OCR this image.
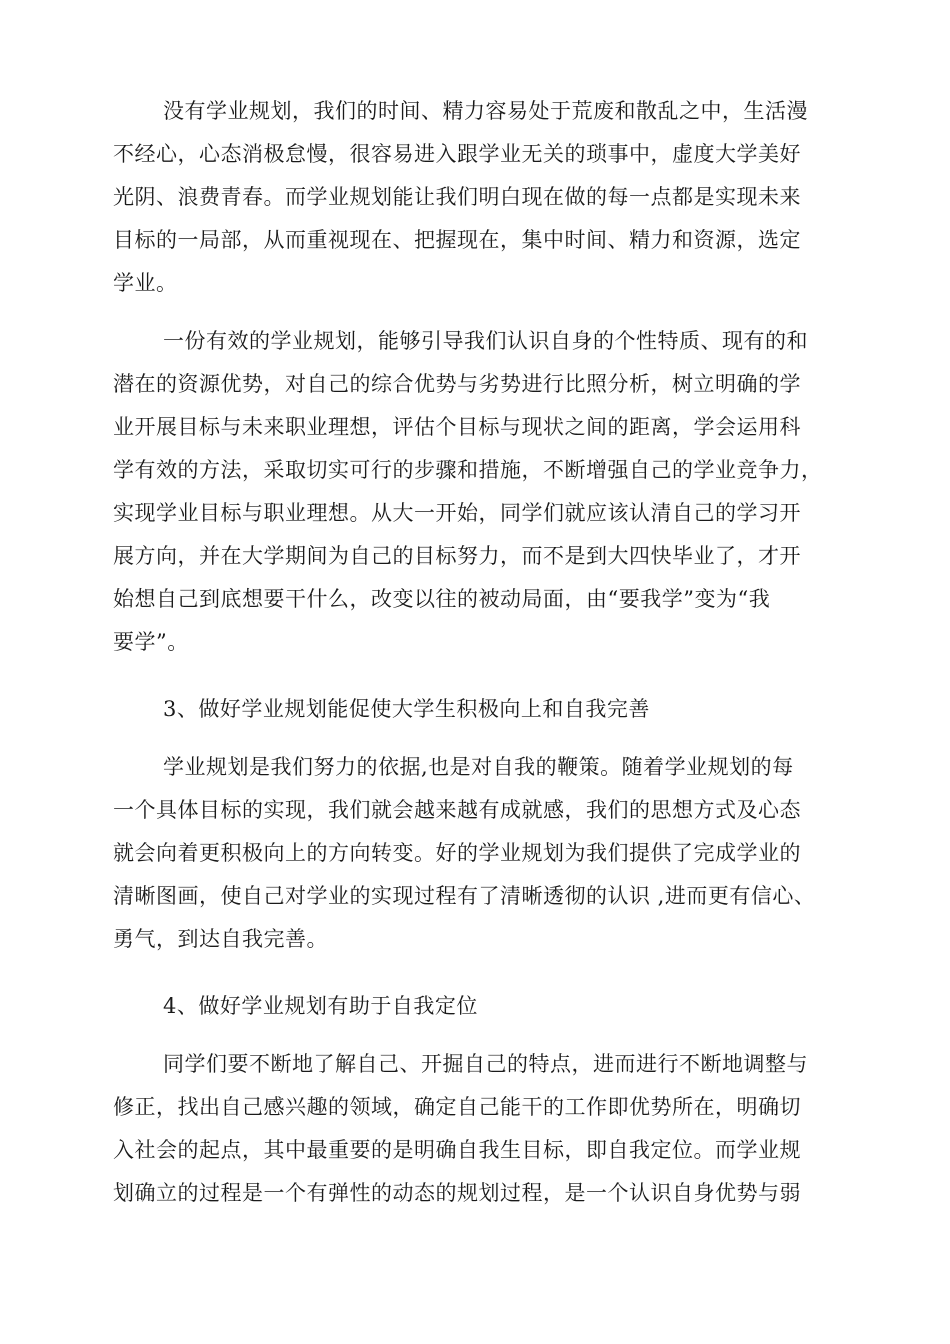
没有学业规划，我们的时间、精力容易处于荒废和散乱之中，生活漫
不经心，心态消极怠慢，很容易进入跟学业无关的琐事中，虚度大学美好
光阴、浪费青春。而学业规划能让我们明白现在做的每一点都是实现未来
目标的一局部，从而重视现在、把握现在，集中时间、精力和资源，选定
学业。
一份有效的学业规划，能够引导我们认识自身的个性特质、现有的和
潜在的资源优势，对自己的综合优势与劣势进行比照分析，树立明确的学
业开展目标与未来职业理想，评估个目标与现状之间的距离，学会运用科
学有效的方法，采取切实可行的步骤和措施，不断增强自己的学业竞争力，
实现学业目标与职业理想。从大一开始，同学们就应该认清自己的学习开
展方向，并在大学期间为自己的目标努力，而不是到大四快毕业了，才开
始想自己到底想要干什么，改变以往的被动局面，由“要我学”变为“我
要学”。
3、做好学业规划能促使大学生积极向上和自我完善
学业规划是我们努力的依据,也是对自我的鞭策。随着学业规划的每
一个具体目标的实现，我们就会越来越有成就感，我们的思想方式及心态
就会向着更积极向上的方向转变。好的学业规划为我们提供了完成学业的
清晰图画，使自己对学业的实现过程有了清晰透彻的认识 ,进而更有信心、
勇气，到达自我完善。
4、做好学业规划有助于自我定位
同学们要不断地了解自己、开掘自己的特点，进而进行不断地调整与
修正，找出自己感兴趣的领域，确定自己能干的工作即优势所在，明确切
入社会的起点，其中最重要的是明确自我生目标，即自我定位。而学业规
划确立的过程是一个有弹性的动态的规划过程，是一个认识自身优势与弱
